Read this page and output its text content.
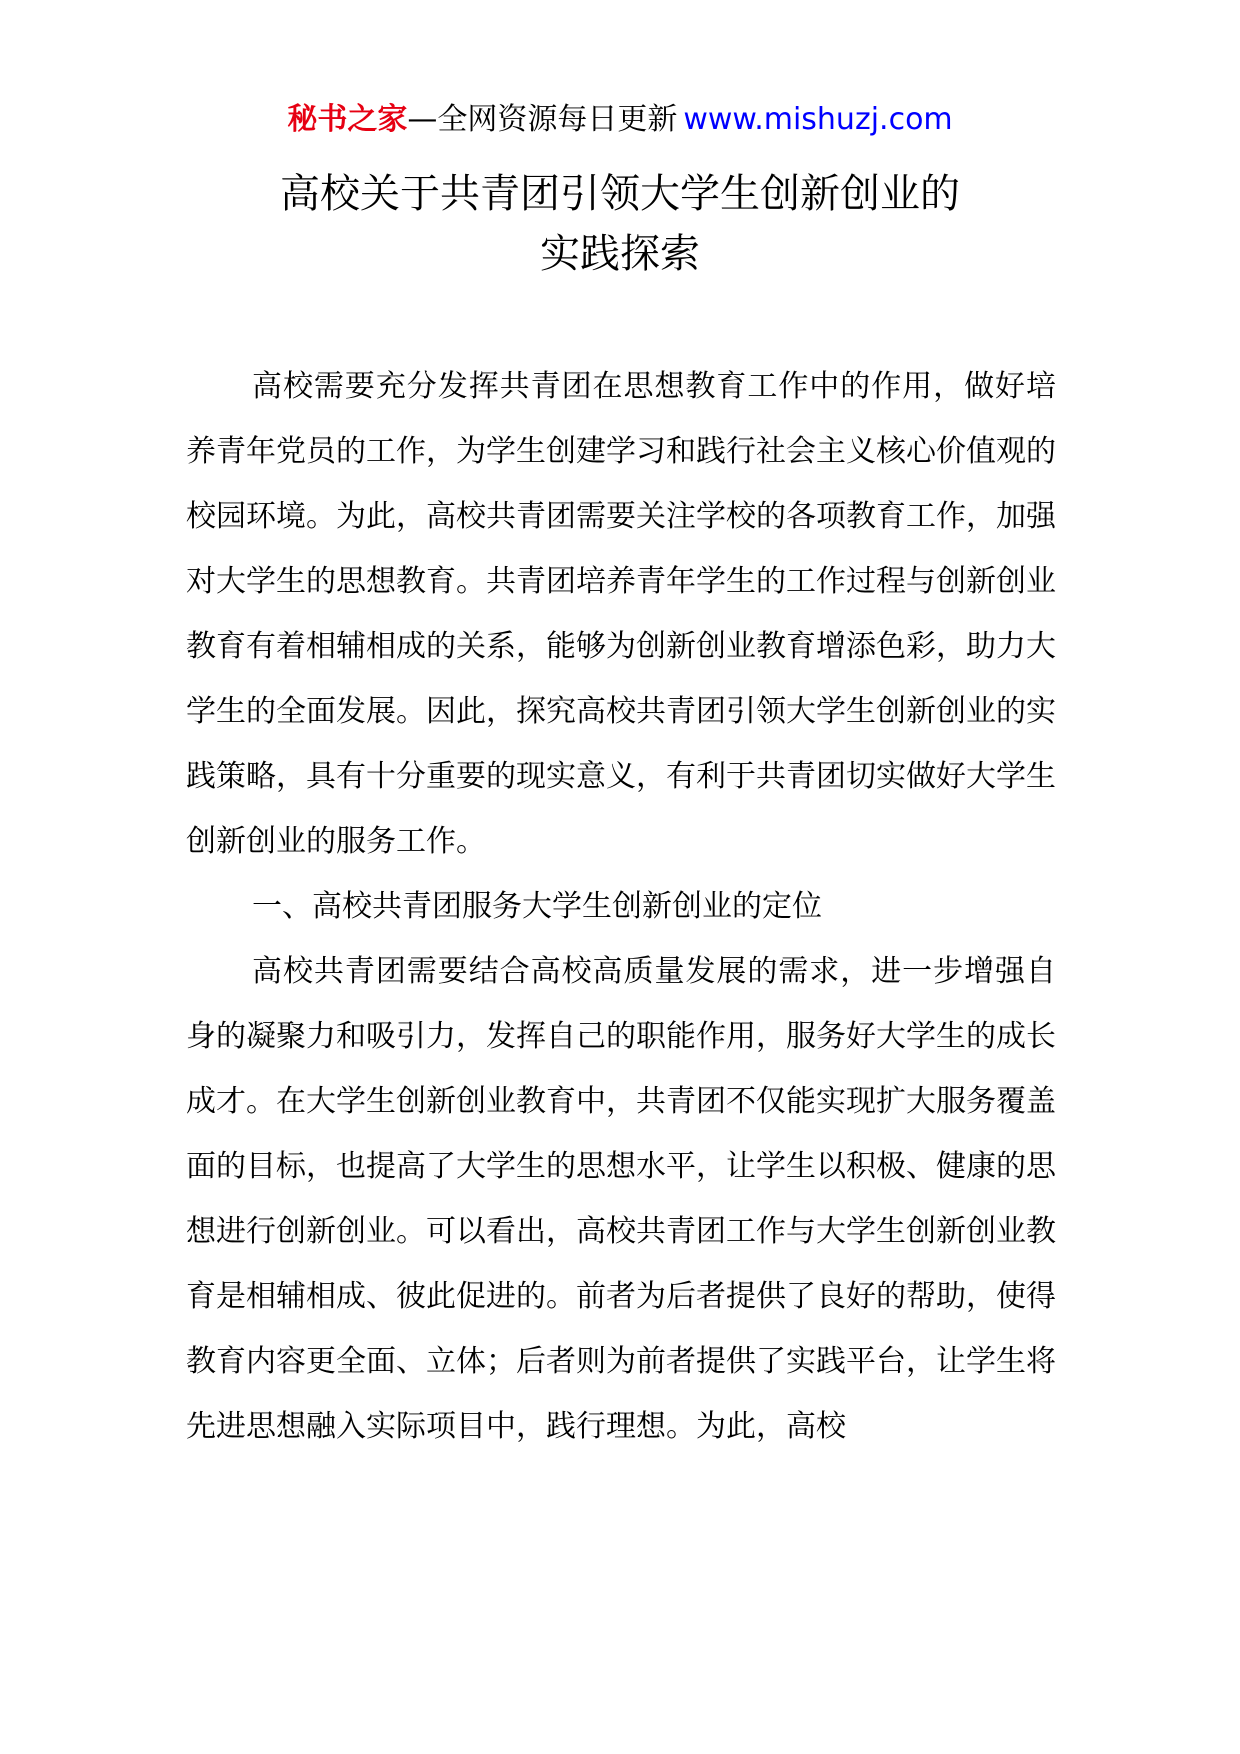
秘书之家—全网资源每日更新 www.mishuzj.com
高校关于共青团引领大学生创新创业的
实践探索

高校需要充分发挥共青团在思想教育工作中的作用，做好培养青年党员的工作，为学生创建学习和践行社会主义核心价值观的校园环境。为此，高校共青团需要关注学校的各项教育工作，加强对大学生的思想教育。共青团培养青年学生的工作过程与创新创业教育有着相辅相成的关系，能够为创新创业教育增添色彩，助力大学生的全面发展。因此，探究高校共青团引领大学生创新创业的实践策略，具有十分重要的现实意义，有利于共青团切实做好大学生创新创业的服务工作。

一、高校共青团服务大学生创新创业的定位

高校共青团需要结合高校高质量发展的需求，进一步增强自身的凝聚力和吸引力，发挥自己的职能作用，服务好大学生的成长成才。在大学生创新创业教育中，共青团不仅能实现扩大服务覆盖面的目标，也提高了大学生的思想水平，让学生以积极、健康的思想进行创新创业。可以看出，高校共青团工作与大学生创新创业教育是相辅相成、彼此促进的。前者为后者提供了良好的帮助，使得教育内容更全面、立体；后者则为前者提供了实践平台，让学生将先进思想融入实际项目中，践行理想。为此，高校
